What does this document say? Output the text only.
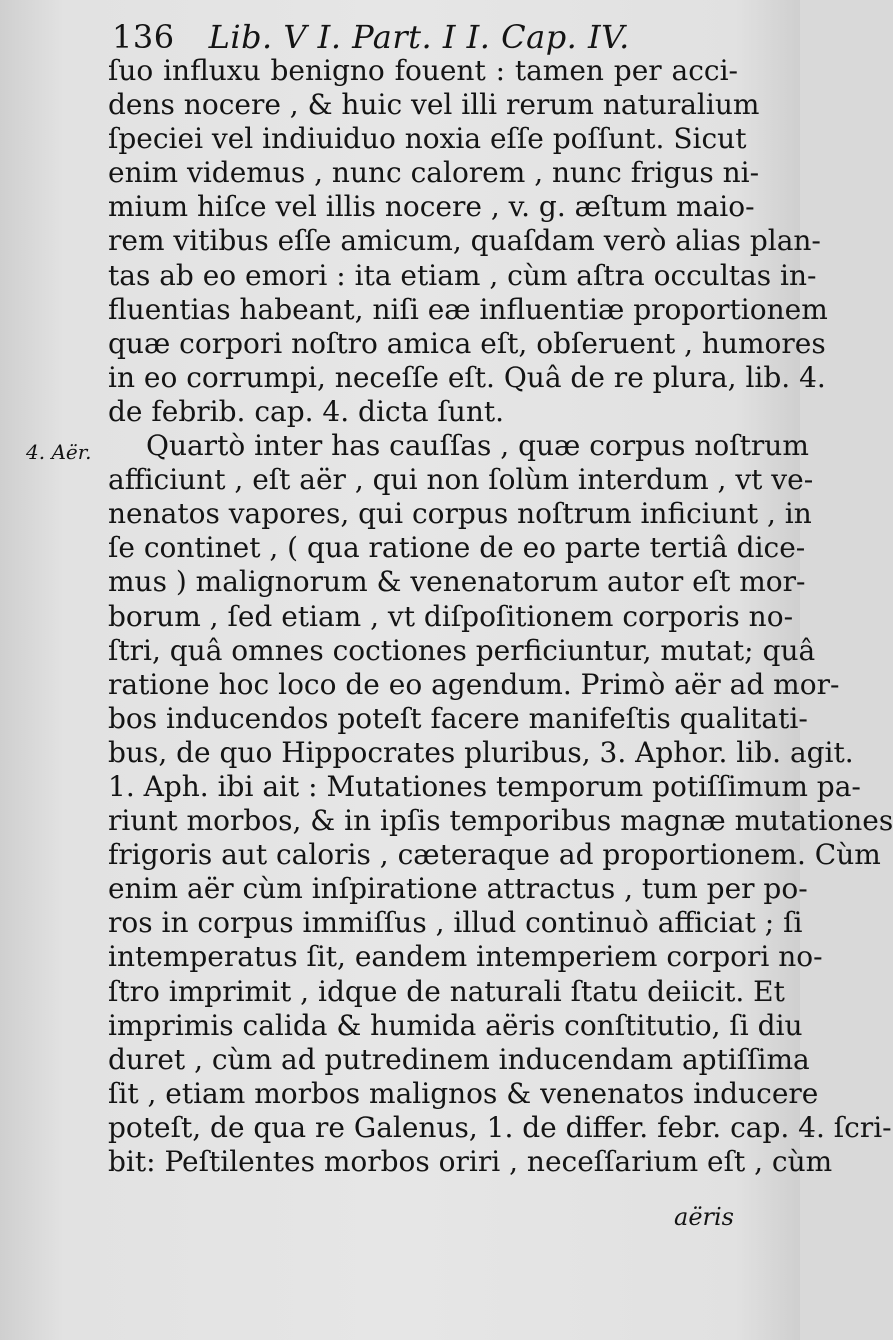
136 Lib. V I. Part. I I. Cap. IV.
4. Aër.
ſuo influxu benigno fouent : tamen per acci-
dens nocere , & huic vel illi rerum naturalium
ſpeciei vel indiuiduo noxia eſſe poſſunt. Sicut
enim videmus , nunc calorem , nunc frigus ni-
mium hiſce vel illis nocere , v. g. æſtum maio-
rem vitibus eſſe amicum, quaſdam verò alias plan-
tas ab eo emori : ita etiam , cùm aſtra occultas in-
fluentias habeant, niſi eæ influentiæ proportionem
quæ corpori noſtro amica eſt, obſeruent , humores
in eo corrumpi, neceſſe eſt. Quâ de re plura, lib. 4.
de febrib. cap. 4. dicta ſunt.
Quartò inter has cauſſas , quæ corpus noſtrum
afficiunt , eſt aër , qui non ſolùm interdum , vt ve-
nenatos vapores, qui corpus noſtrum inficiunt , in
ſe continet , ( qua ratione de eo parte tertiâ dice-
mus ) malignorum & venenatorum autor eſt mor-
borum , ſed etiam , vt diſpoſitionem corporis no-
ſtri, quâ omnes coctiones perficiuntur, mutat; quâ
ratione hoc loco de eo agendum. Primò aër ad mor-
bos inducendos poteſt facere manifeſtis qualitati-
bus, de quo Hippocrates pluribus, 3. Aphor. lib. agit.
1. Aph. ibi ait : Mutationes temporum potiſſimum pa-
riunt morbos, & in ipſis temporibus magnæ mutationes
frigoris aut caloris , cæteraque ad proportionem. Cùm
enim aër cùm inſpiratione attractus , tum per po-
ros in corpus immiſſus , illud continuò afficiat ; ſi
intemperatus ſit, eandem intemperiem corpori no-
ſtro imprimit , idque de naturali ſtatu deiicit. Et
imprimis calida & humida aëris conſtitutio, ſi diu
duret , cùm ad putredinem inducendam aptiſſima
ſit , etiam morbos malignos & venenatos inducere
poteſt, de qua re Galenus, 1. de differ. febr. cap. 4. ſcri-
bit: Peſtilentes morbos oriri , neceſſarium eſt , cùm
aëris
